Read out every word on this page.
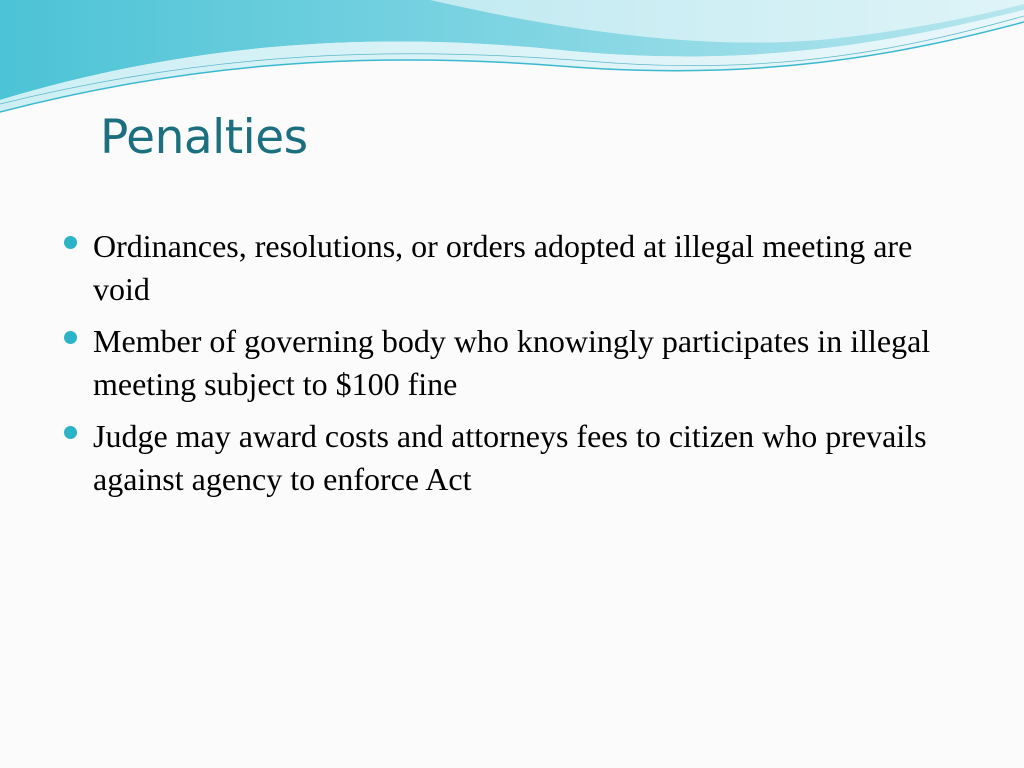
Penalties
Ordinances, resolutions, or orders adopted at illegal meeting are void
Member of governing body who knowingly participates in illegal meeting subject to $100 fine
Judge may award costs and attorneys fees to citizen who prevails against agency to enforce Act
